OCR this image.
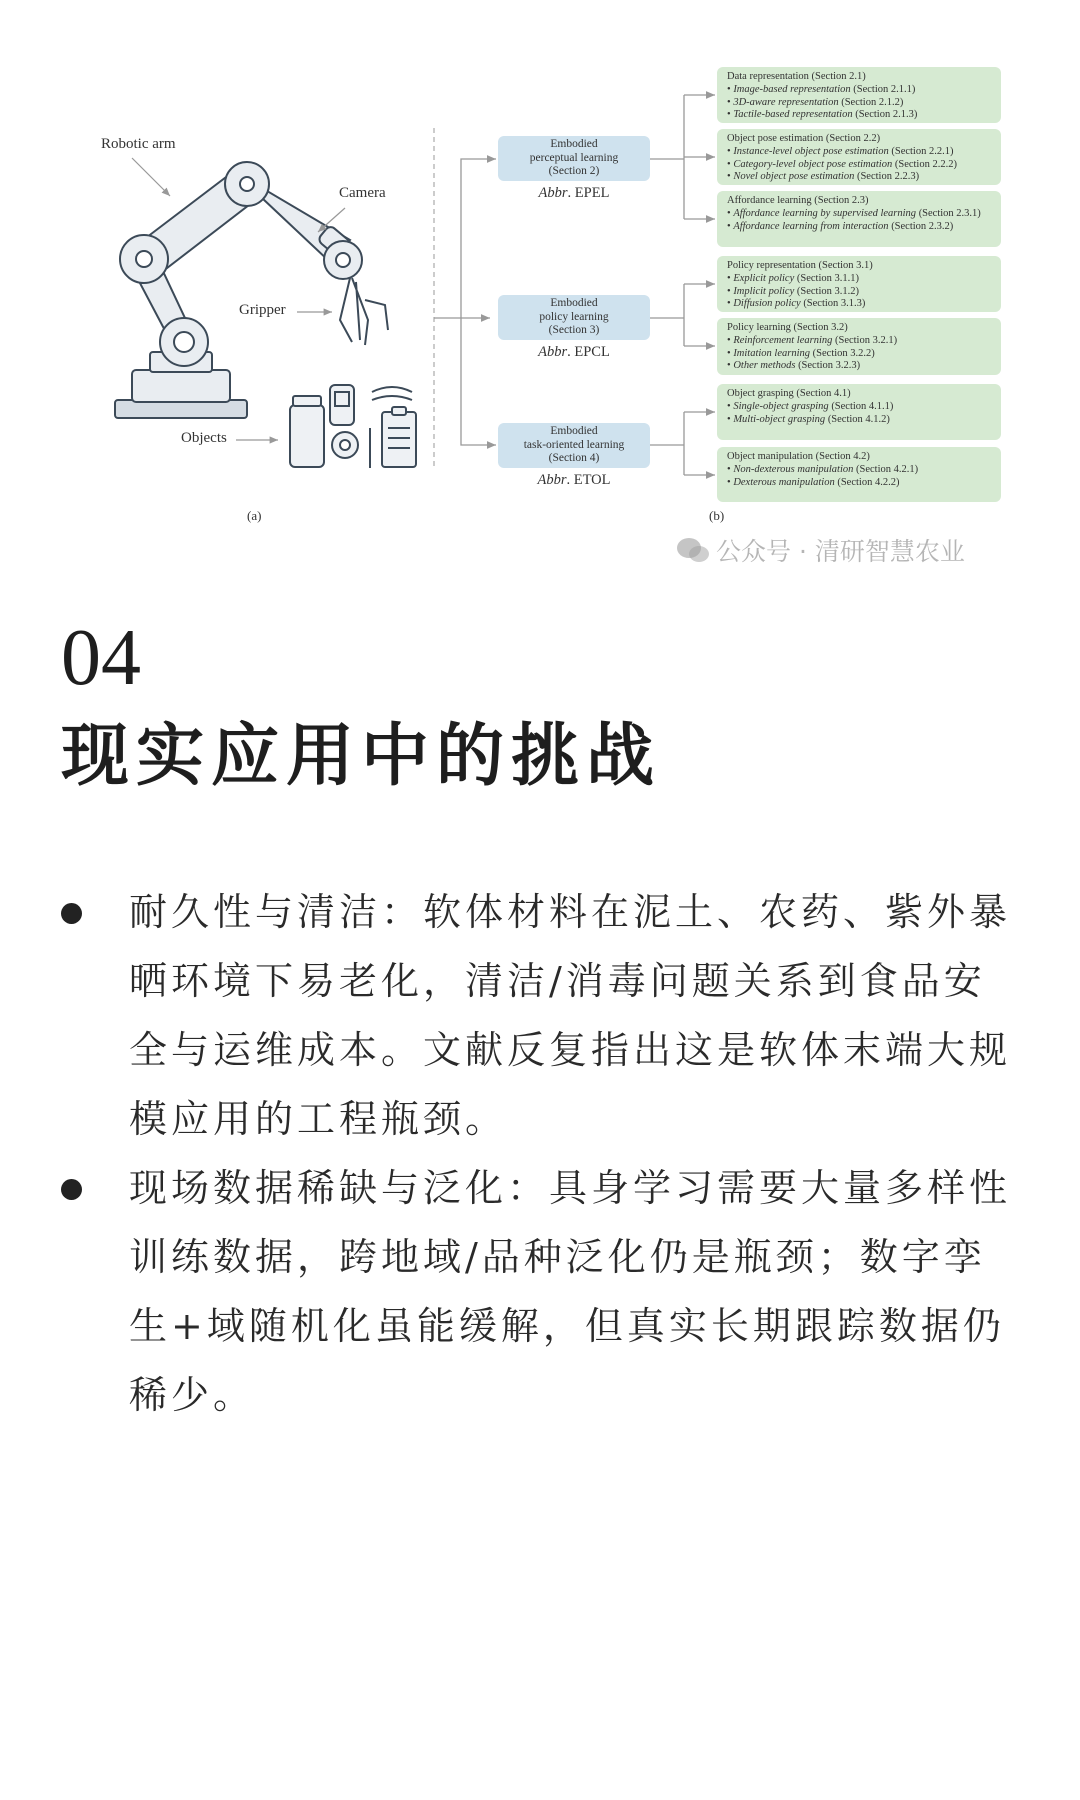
Robotic arm
Camera
Gripper
Objects
Embodied
perceptual learning
(Section 2)
Abbr. EPEL
Embodied
policy learning
(Section 3)
Abbr. EPCL
Embodied
task-oriented learning
(Section 4)
Abbr. ETOL
Data representation (Section 2.1)
• Image-based representation (Section 2.1.1)
• 3D-aware representation (Section 2.1.2)
• Tactile-based representation (Section 2.1.3)
Object pose estimation (Section 2.2)
• Instance-level object pose estimation (Section 2.2.1)
• Category-level object pose estimation (Section 2.2.2)
• Novel object pose estimation (Section 2.2.3)
Affordance learning (Section 2.3)
• Affordance learning by supervised learning (Section 2.3.1)
• Affordance learning from interaction (Section 2.3.2)
Policy representation (Section 3.1)
• Explicit policy (Section 3.1.1)
• Implicit policy (Section 3.1.2)
• Diffusion policy (Section 3.1.3)
Policy learning (Section 3.2)
• Reinforcement learning (Section 3.2.1)
• Imitation learning (Section 3.2.2)
• Other methods (Section 3.2.3)
Object grasping (Section 4.1)
• Single-object grasping (Section 4.1.1)
• Multi-object grasping (Section 4.1.2)
Object manipulation (Section 4.2)
• Non-dexterous manipulation (Section 4.2.1)
• Dexterous manipulation (Section 4.2.2)
(a)	(b)
公众号 · 清研智慧农业
04
现实应用中的挑战
耐久性与清洁：软体材料在泥土、农药、紫外暴晒环境下易老化，清洁/消毒问题关系到食品安全与运维成本。文献反复指出这是软体末端大规模应用的工程瓶颈。
现场数据稀缺与泛化：具身学习需要大量多样性训练数据，跨地域/品种泛化仍是瓶颈；数字孪生+域随机化虽能缓解，但真实长期跟踪数据仍稀少。
